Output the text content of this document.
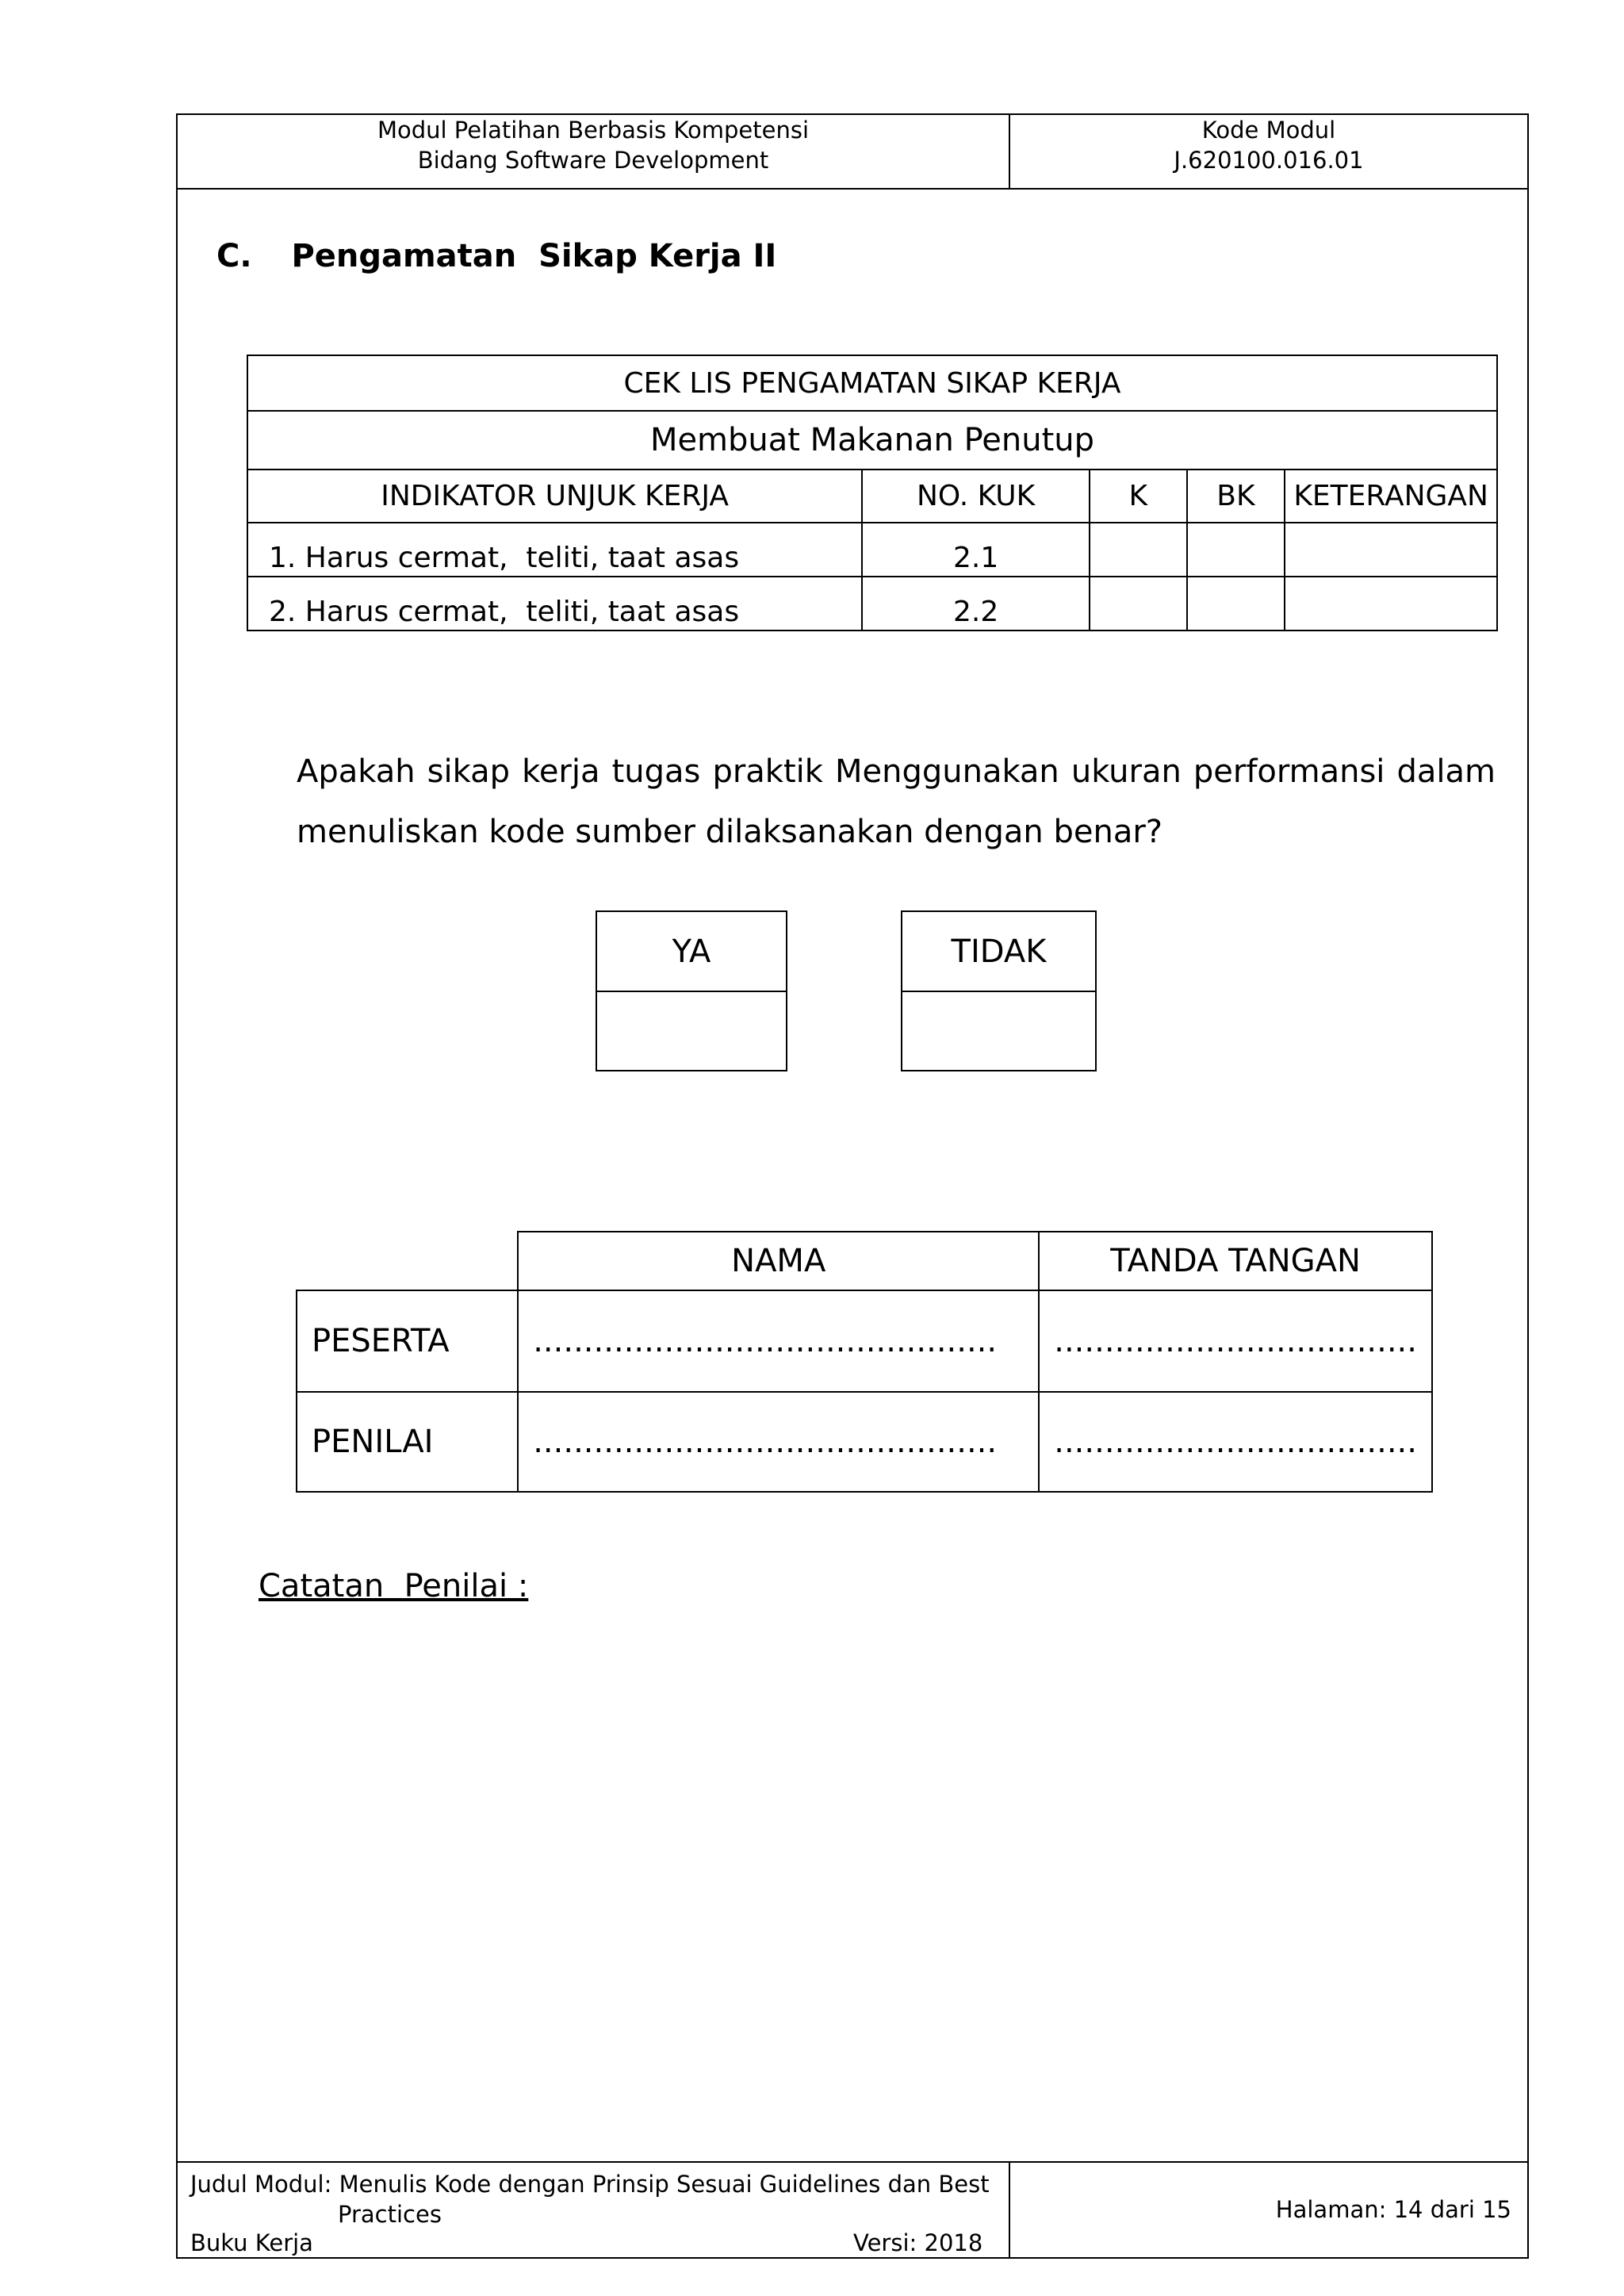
Modul Pelatihan Berbasis Kompetensi
Bidang Software Development
Kode Modul
J.620100.016.01
C. Pengamatan  Sikap Kerja II
CEK LIS PENGAMATAN SIKAP KERJA				
Membuat Makanan Penutup				
INDIKATOR UNJUK KERJA	NO. KUK	K	BK	KETERANGAN
1. Harus cermat,  teliti, taat asas	2.1			
2. Harus cermat,  teliti, taat asas	2.2			
Apakah sikap kerja tugas praktik Menggunakan ukuran performansi dalam menuliskan kode sumber dilaksanakan dengan benar?
YA	TIDAK

	NAMA	TANDA TANGAN
PESERTA	..............................................	....................................
PENILAI	..............................................	....................................
Catatan  Penilai :
Judul Modul: Menulis Kode dengan Prinsip Sesuai Guidelines dan Best
Practices
Buku Kerja	Versi: 2018
Halaman: 14 dari 15
